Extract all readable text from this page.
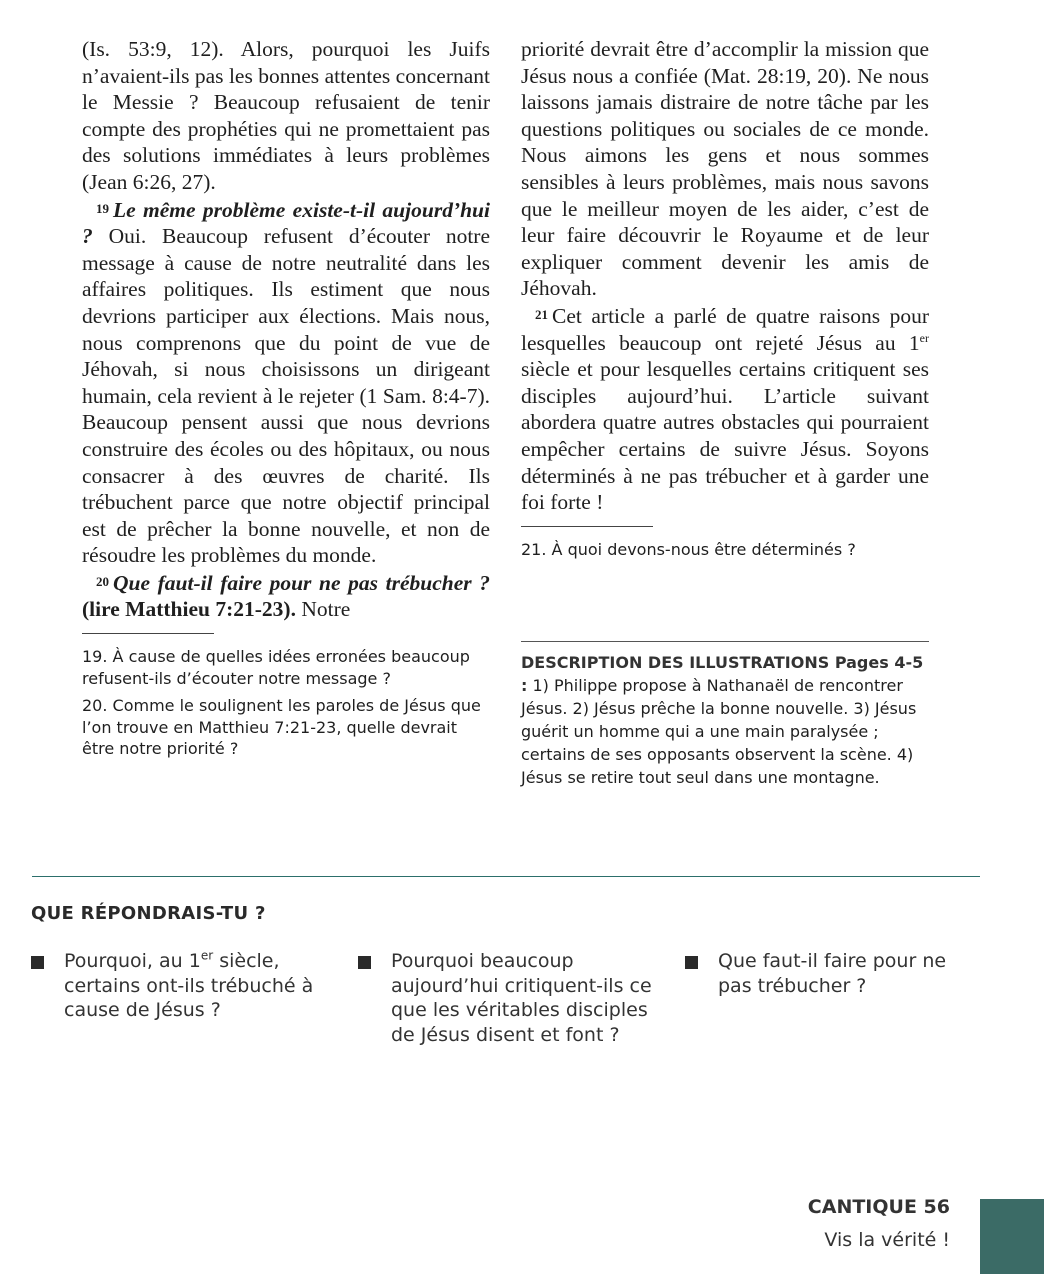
(Is. 53:9, 12). Alors, pourquoi les Juifs n’avaient-ils pas les bonnes attentes concernant le Messie ? Beaucoup refusaient de tenir compte des prophéties qui ne promettaient pas des solutions immédiates à leurs problèmes (Jean 6:26, 27).

19 Le même problème existe-t-il aujourd’hui ? Oui. Beaucoup refusent d’écouter notre message à cause de notre neutralité dans les affaires politiques. Ils estiment que nous devrions participer aux élections. Mais nous, nous comprenons que du point de vue de Jéhovah, si nous choisissons un dirigeant humain, cela revient à le rejeter (1 Sam. 8:4-7). Beaucoup pensent aussi que nous devrions construire des écoles ou des hôpitaux, ou nous consacrer à des œuvres de charité. Ils trébuchent parce que notre objectif principal est de prêcher la bonne nouvelle, et non de résoudre les problèmes du monde.

20 Que faut-il faire pour ne pas trébucher ? (lire Matthieu 7:21-23). Notre

19. À cause de quelles idées erronées beaucoup refusent-ils d’écouter notre message ?

20. Comme le soulignent les paroles de Jésus que l’on trouve en Matthieu 7:21-23, quelle devrait être notre priorité ?

priorité devrait être d’accomplir la mission que Jésus nous a confiée (Mat. 28:19, 20). Ne nous laissons jamais distraire de notre tâche par les questions politiques ou sociales de ce monde. Nous aimons les gens et nous sommes sensibles à leurs problèmes, mais nous savons que le meilleur moyen de les aider, c’est de leur faire découvrir le Royaume et de leur expliquer comment devenir les amis de Jéhovah.

21 Cet article a parlé de quatre raisons pour lesquelles beaucoup ont rejeté Jésus au 1er siècle et pour lesquelles certains critiquent ses disciples aujourd’hui. L’article suivant abordera quatre autres obstacles qui pourraient empêcher certains de suivre Jésus. Soyons déterminés à ne pas trébucher et à garder une foi forte !

21. À quoi devons-nous être déterminés ?

DESCRIPTION DES ILLUSTRATIONS Pages 4-5 : 1) Philippe propose à Nathanaël de rencontrer Jésus. 2) Jésus prêche la bonne nouvelle. 3) Jésus guérit un homme qui a une main paralysée ; certains de ses opposants observent la scène. 4) Jésus se retire tout seul dans une montagne.
QUE RÉPONDRAIS-TU ?
Pourquoi, au 1er siècle, certains ont-ils trébuché à cause de Jésus ?
Pourquoi beaucoup aujourd’hui critiquent-ils ce que les véritables disciples de Jésus disent et font ?
Que faut-il faire pour ne pas trébucher ?
CANTIQUE 56
Vis la vérité !
